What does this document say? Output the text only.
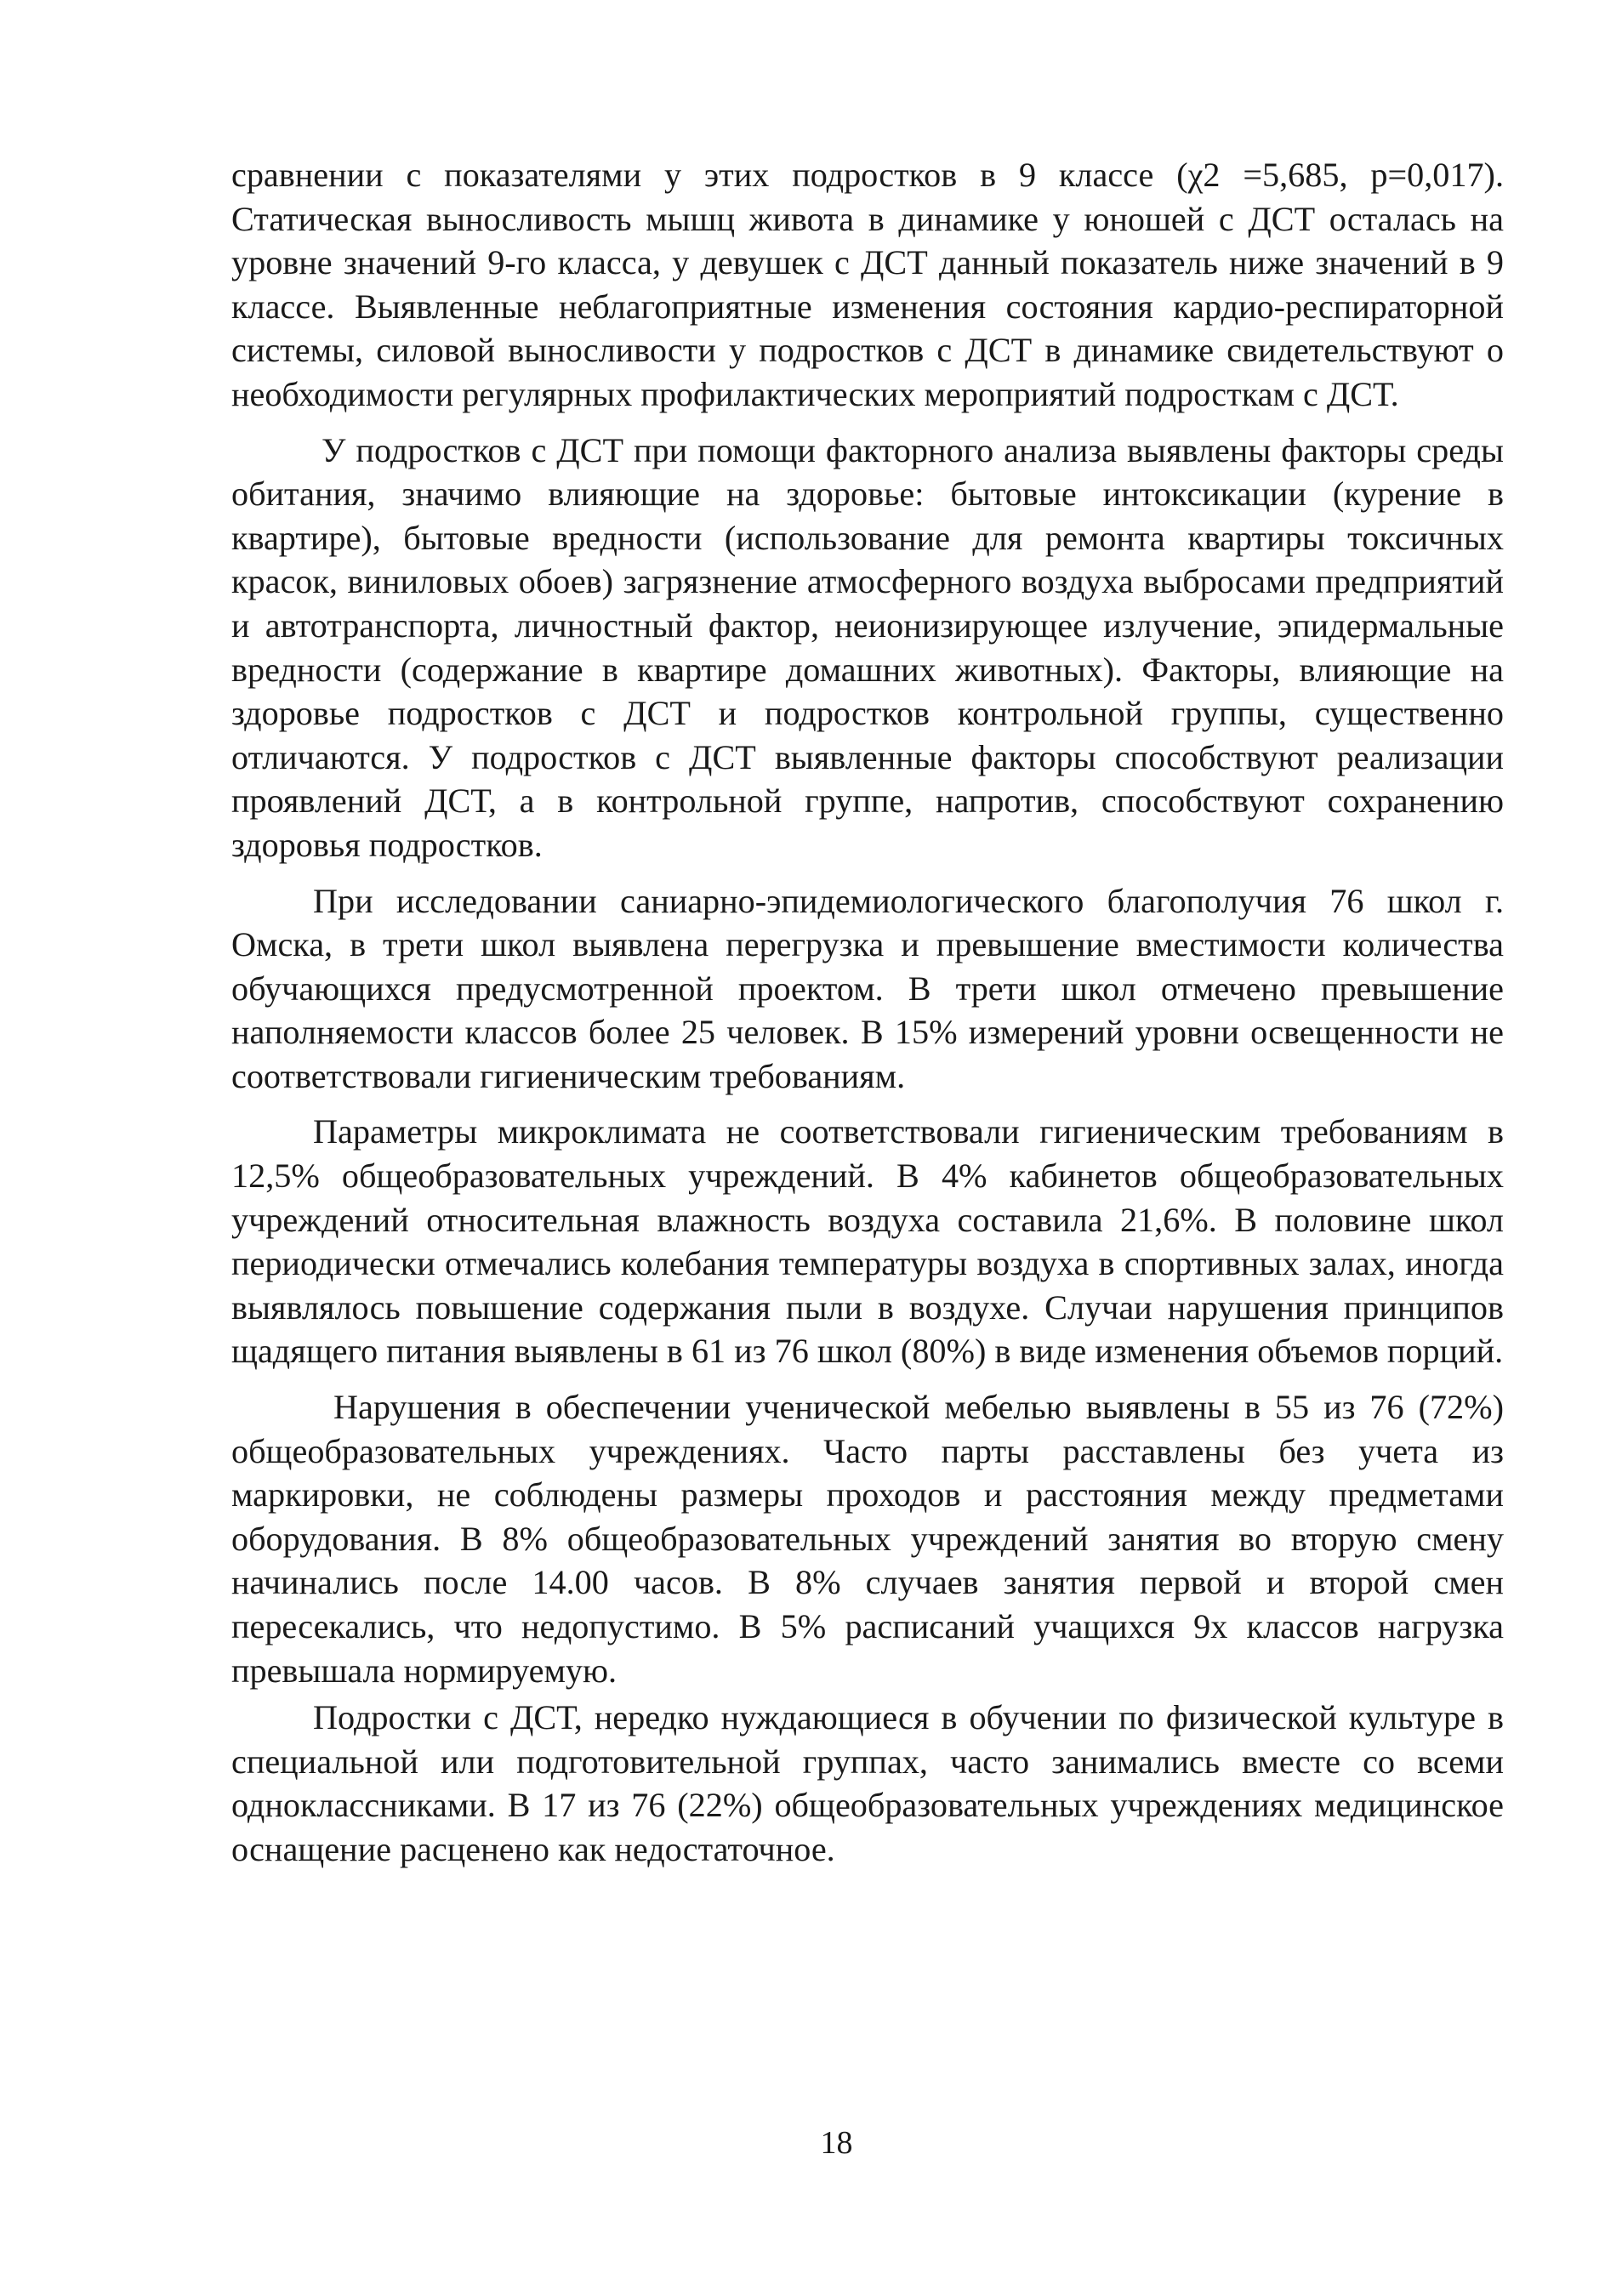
сравнении с показателями у этих подростков в 9 классе (χ2 =5,685, р=0,017). Статическая выносливость мышц живота в динамике у юношей с ДСТ осталась на уровне значений 9-го класса, у девушек с ДСТ данный показатель ниже значений в 9 классе. Выявленные неблагоприятные изменения состояния кардио-респираторной системы, силовой выносливости у подростков с ДСТ в динамике свидетельствуют о необходимости регулярных профилактических мероприятий подросткам с ДСТ.

У подростков с ДСТ при помощи факторного анализа выявлены факторы среды обитания, значимо влияющие на здоровье: бытовые интоксикации (курение в квартире), бытовые вредности (использование для ремонта квартиры токсичных красок, виниловых обоев) загрязнение атмосферного воздуха выбросами предприятий и автотранспорта, личностный фактор, неионизирующее излучение, эпидермальные вредности (содержание в квартире домашних животных). Факторы, влияющие на здоровье подростков с ДСТ и подростков контрольной группы, существенно отличаются. У подростков с ДСТ выявленные факторы способствуют реализации проявлений ДСТ, а в контрольной группе, напротив, способствуют сохранению здоровья подростков.

При исследовании саниарно-эпидемиологического благополучия 76 школ г. Омска, в трети школ выявлена перегрузка и превышение вместимости количества обучающихся предусмотренной проектом. В трети школ отмечено превышение наполняемости классов более 25 человек. В 15% измерений уровни освещенности не соответствовали гигиеническим требованиям.

Параметры микроклимата не соответствовали гигиеническим требованиям в 12,5% общеобразовательных учреждений. В 4% кабинетов общеобразовательных учреждений относительная влажность воздуха составила 21,6%. В половине школ периодически отмечались колебания температуры воздуха в спортивных залах, иногда выявлялось повышение содержания пыли в воздухе. Случаи нарушения принципов щадящего питания выявлены в 61 из 76 школ (80%) в виде изменения объемов порций.

Нарушения в обеспечении ученической мебелью выявлены в 55 из 76 (72%) общеобразовательных учреждениях. Часто парты расставлены без учета из маркировки, не соблюдены размеры проходов и расстояния между предметами оборудования. В 8% общеобразовательных учреждений занятия во вторую смену начинались после 14.00 часов. В 8% случаев занятия первой и второй смен пересекались, что недопустимо. В 5% расписаний учащихся 9х классов нагрузка превышала нормируемую.

Подростки с ДСТ, нередко нуждающиеся в обучении по физической культуре в специальной или подготовительной группах, часто занимались вместе со всеми одноклассниками. В 17 из 76 (22%) общеобразовательных учреждениях медицинское оснащение расценено как недостаточное.

18
